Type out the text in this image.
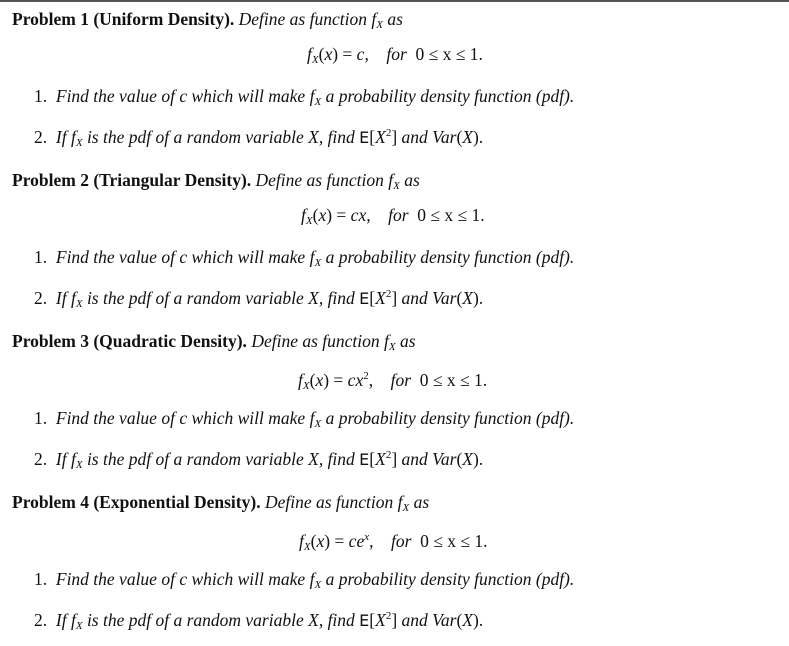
Problem 1 (Uniform Density). Define as function $f_X$ as
$f_X(x) = c$, for 0 ≤ x ≤ 1.
1. Find the value of c which will make $f_X$ a probability density function (pdf).
2. If $f_X$ is the pdf of a random variable X, find $E[X^2]$ and Var(X).
Problem 2 (Triangular Density). Define as function $f_X$ as
$f_X(x)$ = cx, for 0 ≤ x ≤ 1.
1. Find the value of c which will make $f_X$ a probability density function (pdf).
2. If $f_X$ is the pdf of a random variable X, find $E[X^2]$ and Var(X).
Problem 3 (Quadratic Density). Define as function $f_X$ as
$f_X(x) = cx^2$,    for 0 ≤ x ≤ 1.
1. Find the value of c which will make $f_X$ a probability density function (pdf).
2. If $f_X$ is the pdf of a random variable X, find $E[X^2]$ and Var(X).
Problem 4 (Exponential Density). Define as function $f_X$ as
$f_X(x) = ce^x$,    for 0 ≤ x ≤ 1.
1. Find the value of c which will make $f_X$ a probability density function (pdf).
2. If $f_X$ is the pdf of a random variable X, find $E[X^2]$ and Var(X).
